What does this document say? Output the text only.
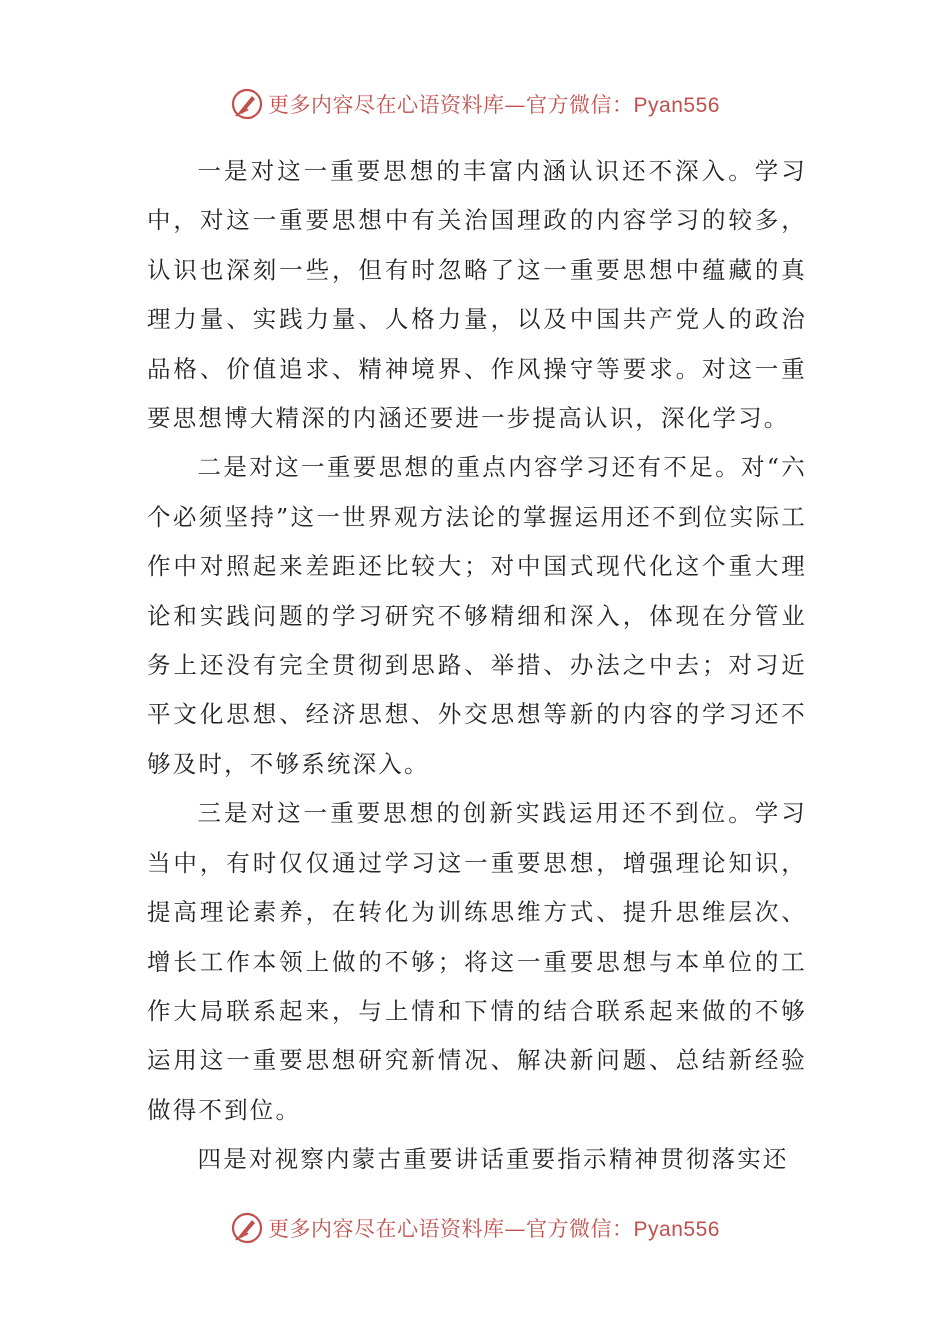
更多内容尽在心语资料库—官方微信：Pyan556

一是对这一重要思想的丰富内涵认识还不深入。学习中，对这一重要思想中有关治国理政的内容学习的较多，认识也深刻一些，但有时忽略了这一重要思想中蕴藏的真理力量、实践力量、人格力量，以及中国共产党人的政治品格、价值追求、精神境界、作风操守等要求。对这一重要思想博大精深的内涵还要进一步提高认识，深化学习。

二是对这一重要思想的重点内容学习还有不足。对“六个必须坚持”这一世界观方法论的掌握运用还不到位实际工作中对照起来差距还比较大；对中国式现代化这个重大理论和实践问题的学习研究不够精细和深入，体现在分管业务上还没有完全贯彻到思路、举措、办法之中去；对习近平文化思想、经济思想、外交思想等新的内容的学习还不够及时，不够系统深入。

三是对这一重要思想的创新实践运用还不到位。学习当中，有时仅仅通过学习这一重要思想，增强理论知识，提高理论素养，在转化为训练思维方式、提升思维层次、增长工作本领上做的不够；将这一重要思想与本单位的工作大局联系起来，与上情和下情的结合联系起来做的不够运用这一重要思想研究新情况、解决新问题、总结新经验做得不到位。

四是对视察内蒙古重要讲话重要指示精神贯彻落实还

更多内容尽在心语资料库—官方微信：Pyan556
